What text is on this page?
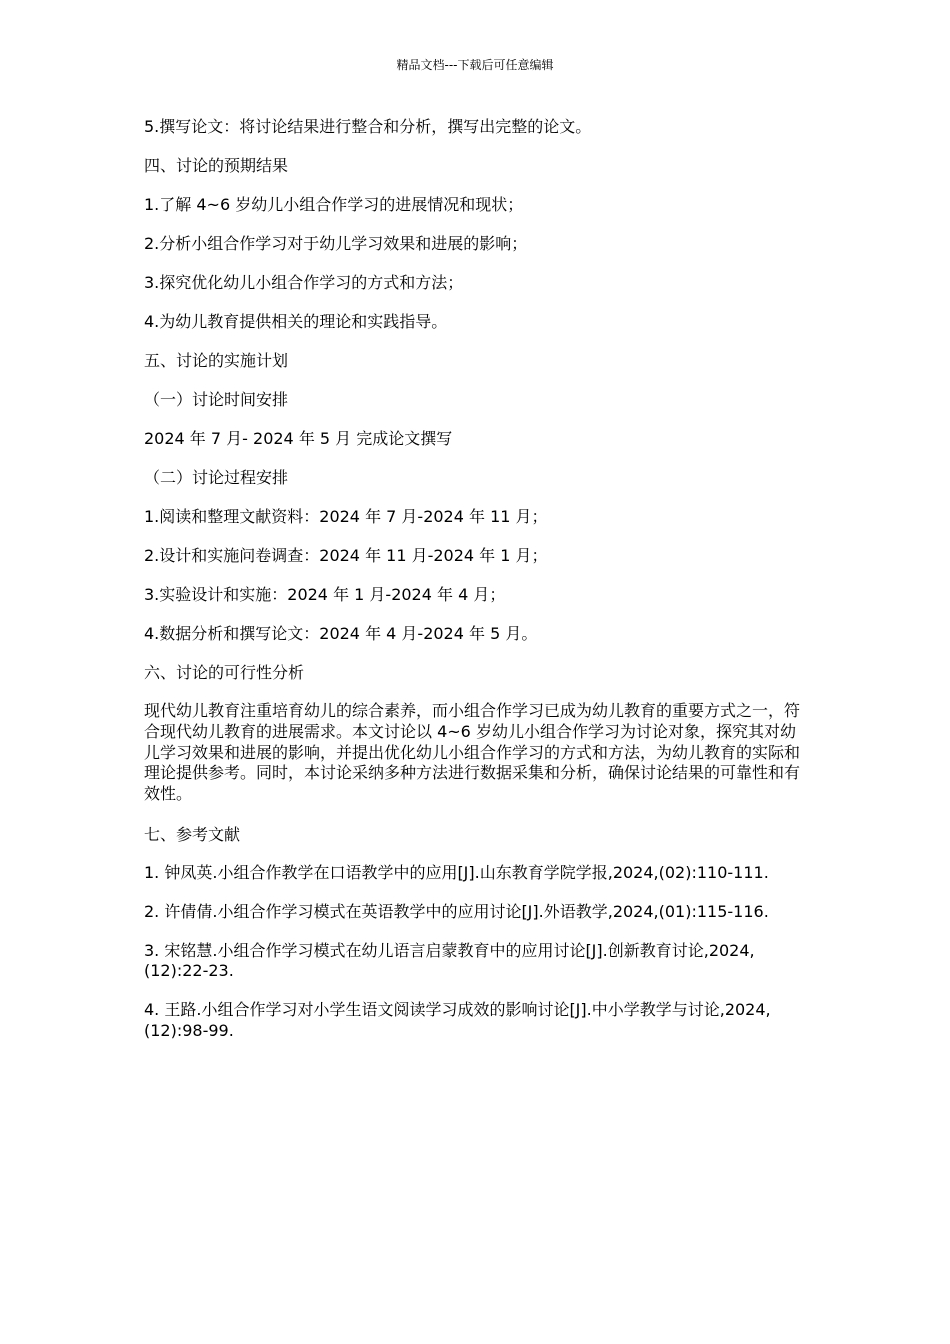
精品文档---下载后可任意编辑
5.撰写论文：将讨论结果进行整合和分析，撰写出完整的论文。
四、讨论的预期结果
1.了解 4~6 岁幼儿小组合作学习的进展情况和现状；
2.分析小组合作学习对于幼儿学习效果和进展的影响；
3.探究优化幼儿小组合作学习的方式和方法；
4.为幼儿教育提供相关的理论和实践指导。
五、讨论的实施计划
（一）讨论时间安排
2024 年 7 月- 2024 年 5 月 完成论文撰写
（二）讨论过程安排
1.阅读和整理文献资料：2024 年 7 月-2024 年 11 月；
2.设计和实施问卷调查：2024 年 11 月-2024 年 1 月；
3.实验设计和实施：2024 年 1 月-2024 年 4 月；
4.数据分析和撰写论文：2024 年 4 月-2024 年 5 月。
六、讨论的可行性分析
现代幼儿教育注重培育幼儿的综合素养，而小组合作学习已成为幼儿教育的重要方式之一，符合现代幼儿教育的进展需求。本文讨论以 4~6 岁幼儿小组合作学习为讨论对象，探究其对幼儿学习效果和进展的影响，并提出优化幼儿小组合作学习的方式和方法，为幼儿教育的实际和理论提供参考。同时，本讨论采纳多种方法进行数据采集和分析，确保讨论结果的可靠性和有效性。
七、参考文献
1. 钟凤英.小组合作教学在口语教学中的应用[J].山东教育学院学报,2024,(02):110-111.
2. 许倩倩.小组合作学习模式在英语教学中的应用讨论[J].外语教学,2024,(01):115-116.
3. 宋铭慧.小组合作学习模式在幼儿语言启蒙教育中的应用讨论[J].创新教育讨论,2024,(12):22-23.
4. 王路.小组合作学习对小学生语文阅读学习成效的影响讨论[J].中小学教学与讨论,2024,(12):98-99.
